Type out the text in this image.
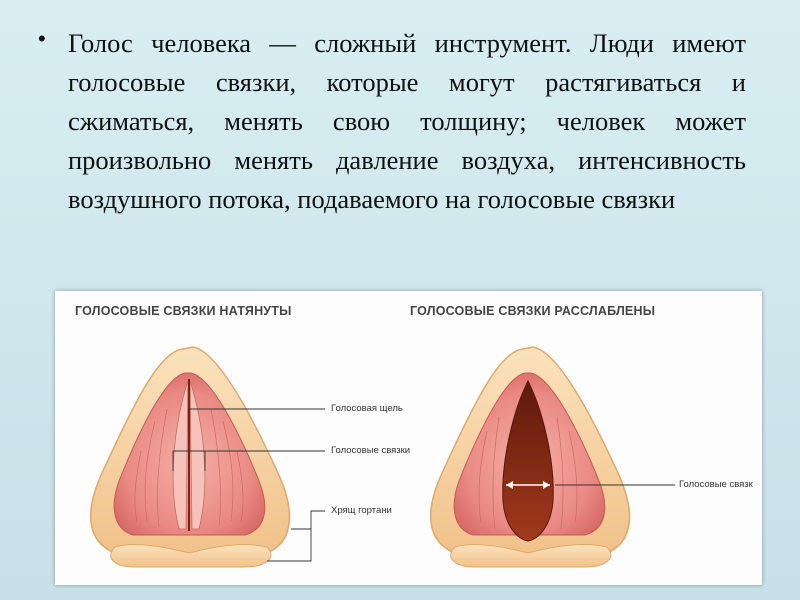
• Голос человека — сложный инструмент. Люди имеют голосовые связки, которые могут растягиваться и сжиматься, менять свою толщину; человек может произвольно менять давление воздуха, интенсивность воздушного потока, подаваемого на голосовые связки
ГОЛОСОВЫЕ СВЯЗКИ НАТЯНУТЫ	ГОЛОСОВЫЕ СВЯЗКИ РАССЛАБЛЕНЫ
Голосовая щель
Голосовые связки
Хрящ гортани
Голосовые связк
